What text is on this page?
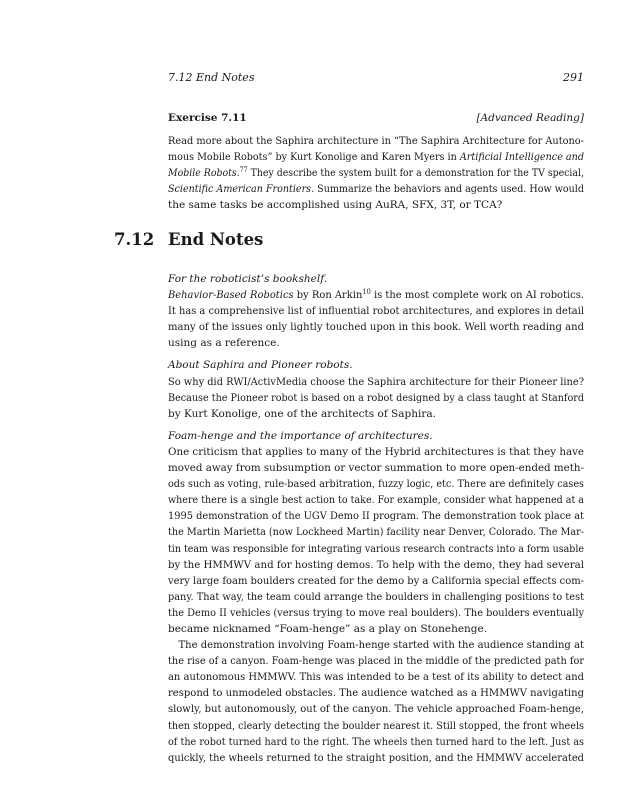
7.12 End Notes	291
Exercise 7.11	[Advanced Reading]
Read more about the Saphira architecture in “The Saphira Architecture for Autono-
mous Mobile Robots” by Kurt Konolige and Karen Myers in Artificial Intelligence and
Mobile Robots.$^{77}$ They describe the system built for a demonstration for the TV special,
Scientific American Frontiers. Summarize the behaviors and agents used. How would
the same tasks be accomplished using AuRA, SFX, 3T, or TCA?
7.12 End Notes
For the roboticist’s bookshelf.
Behavior-Based Robotics by Ron Arkin$^{10}$ is the most complete work on AI robotics.
It has a comprehensive list of influential robot architectures, and explores in detail
many of the issues only lightly touched upon in this book. Well worth reading and
using as a reference.
About Saphira and Pioneer robots.
So why did RWI/ActivMedia choose the Saphira architecture for their Pioneer line?
Because the Pioneer robot is based on a robot designed by a class taught at Stanford
by Kurt Konolige, one of the architects of Saphira.
Foam-henge and the importance of architectures.
One criticism that applies to many of the Hybrid architectures is that they have
moved away from subsumption or vector summation to more open-ended meth-
ods such as voting, rule-based arbitration, fuzzy logic, etc. There are definitely cases
where there is a single best action to take. For example, consider what happened at a
1995 demonstration of the UGV Demo II program. The demonstration took place at
the Martin Marietta (now Lockheed Martin) facility near Denver, Colorado. The Mar-
tin team was responsible for integrating various research contracts into a form usable
by the HMMWV and for hosting demos. To help with the demo, they had several
very large foam boulders created for the demo by a California special effects com-
pany. That way, the team could arrange the boulders in challenging positions to test
the Demo II vehicles (versus trying to move real boulders). The boulders eventually
became nicknamed “Foam-henge” as a play on Stonehenge.
The demonstration involving Foam-henge started with the audience standing at
the rise of a canyon. Foam-henge was placed in the middle of the predicted path for
an autonomous HMMWV. This was intended to be a test of its ability to detect and
respond to unmodeled obstacles. The audience watched as a HMMWV navigating
slowly, but autonomously, out of the canyon. The vehicle approached Foam-henge,
then stopped, clearly detecting the boulder nearest it. Still stopped, the front wheels
of the robot turned hard to the right. The wheels then turned hard to the left. Just as
quickly, the wheels returned to the straight position, and the HMMWV accelerated
